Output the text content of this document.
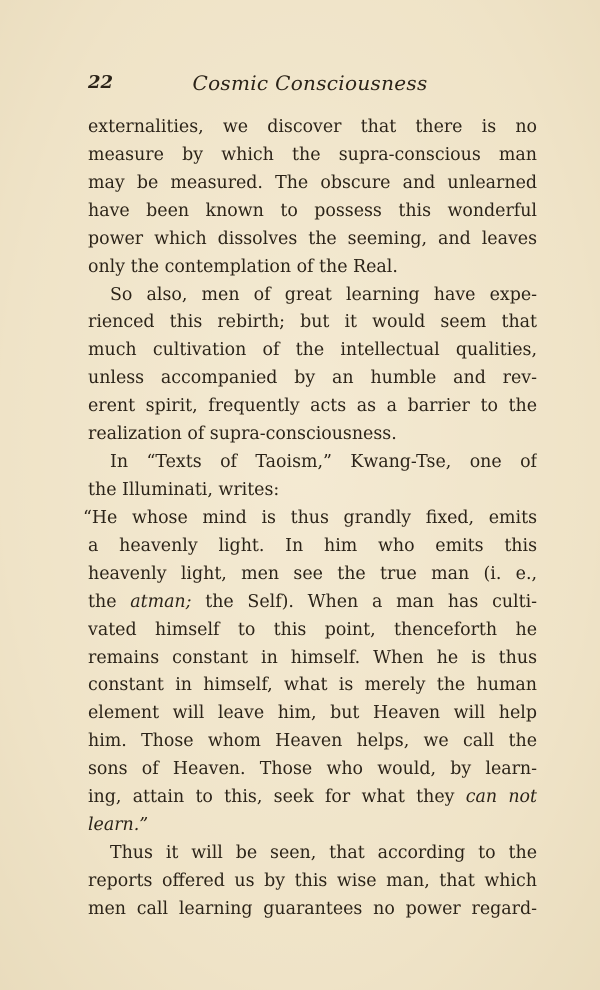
22	Cosmic Consciousness
externalities, we discover that there is no
measure by which the supra-conscious man
may be measured. The obscure and unlearned
have been known to possess this wonderful
power which dissolves the seeming, and leaves
only the contemplation of the Real.
So also, men of great learning have expe-
rienced this rebirth; but it would seem that
much cultivation of the intellectual qualities,
unless accompanied by an humble and rev-
erent spirit, frequently acts as a barrier to the
realization of supra-consciousness.
In “Texts of Taoism,” Kwang-Tse, one of
the Illuminati, writes:
“He whose mind is thus grandly fixed, emits
a heavenly light. In him who emits this
heavenly light, men see the true man (i. e.,
the atman; the Self). When a man has culti-
vated himself to this point, thenceforth he
remains constant in himself. When he is thus
constant in himself, what is merely the human
element will leave him, but Heaven will help
him. Those whom Heaven helps, we call the
sons of Heaven. Those who would, by learn-
ing, attain to this, seek for what they can not
learn.”
Thus it will be seen, that according to the
reports offered us by this wise man, that which
men call learning guarantees no power regard-
